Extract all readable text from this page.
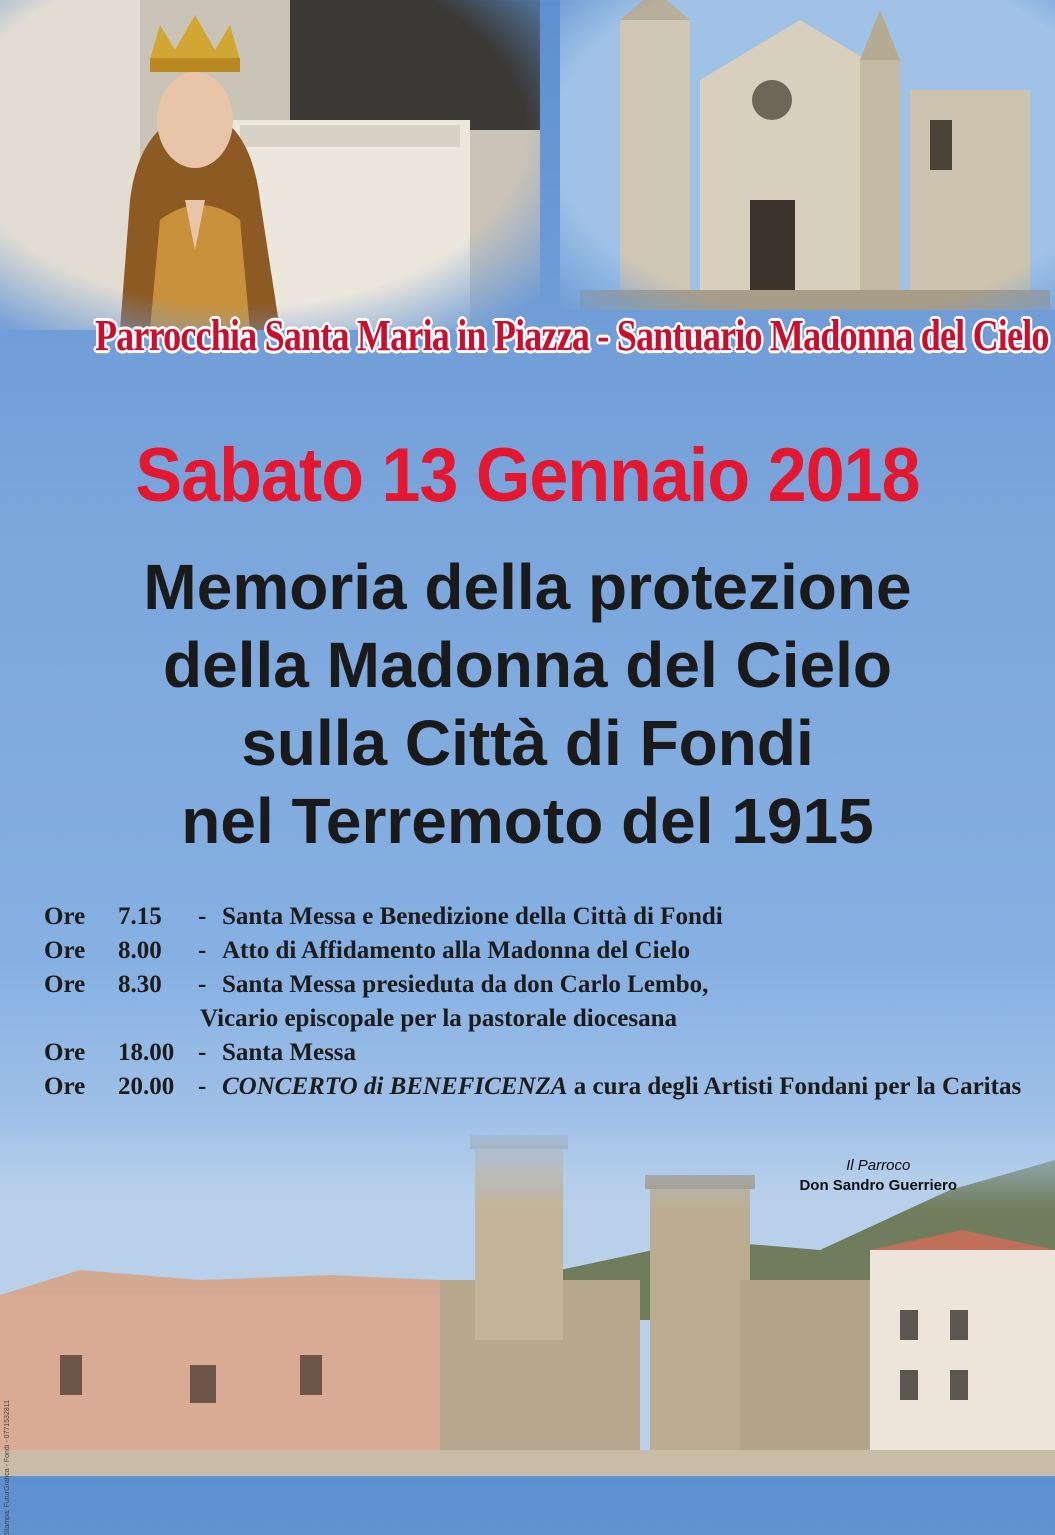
Parrocchia Santa Maria in Piazza - Santuario Madonna del Cielo
Sabato 13 Gennaio 2018
Memoria della protezione
della Madonna del Cielo
sulla Città di Fondi
nel Terremoto del 1915
Ore	7.15	- Santa Messa e Benedizione della Città di Fondi
Ore	8.00	- Atto di Affidamento alla Madonna del Cielo
Ore	8.30	- Santa Messa presieduta da don Carlo Lembo,
Vicario episcopale per la pastorale diocesana
Ore	18.00 - Santa Messa
Ore	20.00 - CONCERTO di BENEFICENZA a cura degli Artisti Fondani per la Caritas
Il Parroco
Don Sandro Guerriero
Stampa: FuturGrafica - Fondi - 0771532811
